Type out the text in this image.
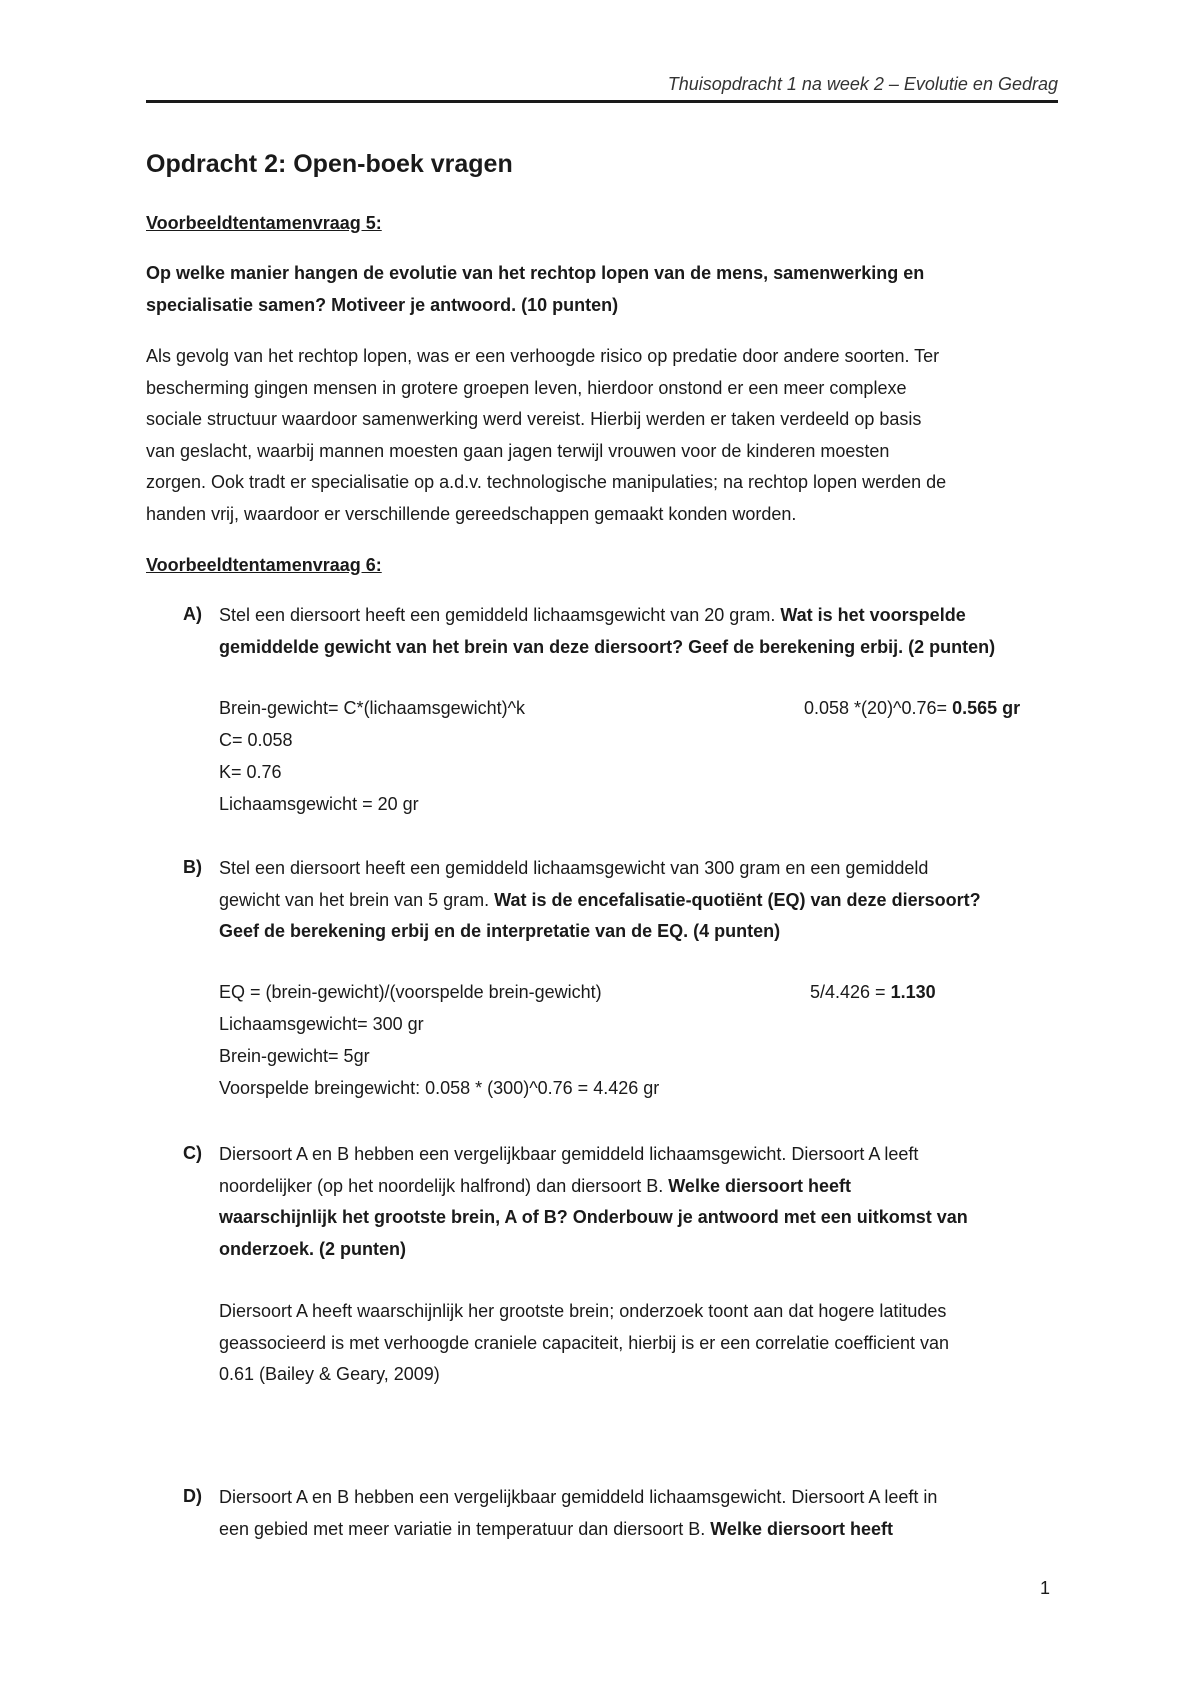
Thuisopdracht 1 na week 2 – Evolutie en Gedrag
Opdracht 2: Open-boek vragen
Voorbeeldtentamenvraag 5:
Op welke manier hangen de evolutie van het rechtop lopen van de mens, samenwerking en
specialisatie samen? Motiveer je antwoord. (10 punten)
Als gevolg van het rechtop lopen, was er een verhoogde risico op predatie door andere soorten. Ter
bescherming gingen mensen in grotere groepen leven, hierdoor onstond er een meer complexe
sociale structuur waardoor samenwerking werd vereist. Hierbij werden er taken verdeeld op basis
van geslacht, waarbij mannen moesten gaan jagen terwijl vrouwen voor de kinderen moesten
zorgen. Ook tradt er specialisatie op a.d.v. technologische manipulaties; na rechtop lopen werden de
handen vrij, waardoor er verschillende gereedschappen gemaakt konden worden.
Voorbeeldtentamenvraag 6:
A) Stel een diersoort heeft een gemiddeld lichaamsgewicht van 20 gram. Wat is het voorspelde
gemiddelde gewicht van het brein van deze diersoort? Geef de berekening erbij. (2 punten)
Brein-gewicht= C*(lichaamsgewicht)^k	0.058 *(20)^0.76= 0.565 gr
C= 0.058
K= 0.76
Lichaamsgewicht = 20 gr
B) Stel een diersoort heeft een gemiddeld lichaamsgewicht van 300 gram en een gemiddeld
gewicht van het brein van 5 gram. Wat is de encefalisatie-quotiënt (EQ) van deze diersoort?
Geef de berekening erbij en de interpretatie van de EQ. (4 punten)
EQ = (brein-gewicht)/(voorspelde brein-gewicht)	5/4.426 = 1.130
Lichaamsgewicht= 300 gr
Brein-gewicht= 5gr
Voorspelde breingewicht: 0.058 * (300)^0.76 = 4.426 gr
C) Diersoort A en B hebben een vergelijkbaar gemiddeld lichaamsgewicht. Diersoort A leeft
noordelijker (op het noordelijk halfrond) dan diersoort B. Welke diersoort heeft
waarschijnlijk het grootste brein, A of B? Onderbouw je antwoord met een uitkomst van
onderzoek. (2 punten)
Diersoort A heeft waarschijnlijk her grootste brein; onderzoek toont aan dat hogere latitudes
geassocieerd is met verhoogde craniele capaciteit, hierbij is er een correlatie coefficient van
0.61 (Bailey & Geary, 2009)
D) Diersoort A en B hebben een vergelijkbaar gemiddeld lichaamsgewicht. Diersoort A leeft in
een gebied met meer variatie in temperatuur dan diersoort B. Welke diersoort heeft
1
